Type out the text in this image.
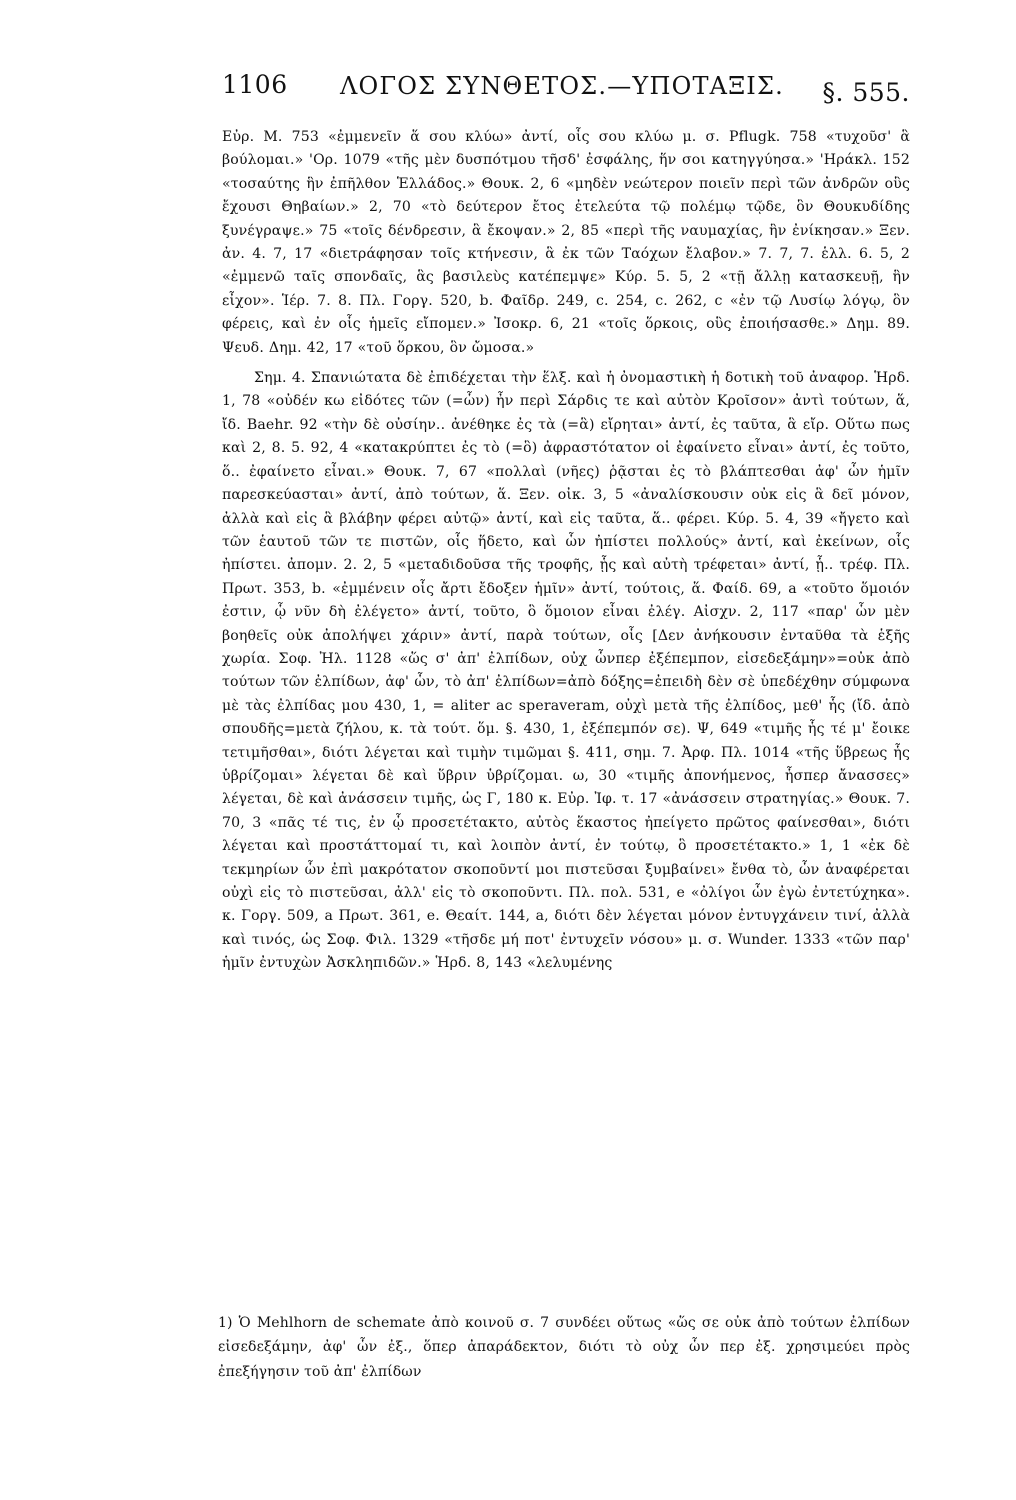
1106 ΛΟΓΟΣ ΣΥΝΘΕΤΟΣ.—ΥΠΟΤΑΞΙΣ. §. 555.

Εὐρ. Μ. 753 «ἐμμενεῖν ἅ σου κλύω» ἀντί, οἷς σου κλύω μ. σ. Pflugk. 758 «τυχοῦσ' ἃ βούλομαι.» 'Ορ. 1079 «τῆς μὲν δυσπότμου τῆσδ' ἐσφάλης, ἥν σοι κατηγγύησα.» 'Ηράκλ. 152 «τοσαύτης ἣν ἐπῆλθον Ἑλλάδος.» Θουκ. 2, 6 «μηδὲν νεώτερον ποιεῖν περὶ τῶν ἀνδρῶν οὓς ἔχουσι Θηβαίων.» 2, 70 «τὸ δεύτερον ἔτος ἐτελεύτα τῷ πολέμῳ τῷδε, ὃν Θουκυδίδης ξυνέγραψε.» 75 «τοῖς δένδρεσιν, ἃ ἔκοψαν.» 2, 85 «περὶ τῆς ναυμαχίας, ἣν ἐνίκησαν.» Ξεν. ἀν. 4. 7, 17 «διετράφησαν τοῖς κτήνεσιν, ἃ ἐκ τῶν Ταόχων ἔλαβον.» 7. 7, 7. ἑλλ. 6. 5, 2 «ἐμμενῶ ταῖς σπονδαῖς, ἃς βασιλεὺς κατέπεμψε» Κύρ. 5. 5, 2 «τῇ ἄλλῃ κατασκευῇ, ἣν εἶχον». Ἱέρ. 7. 8. Πλ. Γοργ. 520, b. Φαῖδρ. 249, c. 254, c. 262, c «ἐν τῷ Λυσίῳ λόγῳ, ὃν φέρεις, καὶ ἐν οἷς ἡμεῖς εἴπομεν.» Ἰσοκρ. 6, 21 «τοῖς ὅρκοις, οὓς ἐποιήσασθε.» Δημ. 89. Ψευδ. Δημ. 42, 17 «τοῦ ὅρκου, ὃν ὤμοσα.»

Σημ. 4. Σπανιώτατα δὲ ἐπιδέχεται τὴν ἕλξ. καὶ ἡ ὀνομαστικὴ ἡ δοτικὴ τοῦ ἀναφορ. Ἡρδ. 1, 78 «οὐδέν κω εἰδότες τῶν (=ὧν) ἦν περὶ Σάρδις τε καὶ αὐτὸν Κροῖσον» ἀντὶ τούτων, ἅ, ἴδ. Baehr. 92 «τὴν δὲ οὐσίην.. ἀνέθηκε ἐς τὰ (=ἃ) εἴρηται» ἀντί, ἐς ταῦτα, ἃ εἴρ. Οὕτω πως καὶ 2, 8. 5. 92, 4 «κατακρύπτει ἐς τὸ (=ὃ) ἀφραστότατον οἱ ἐφαίνετο εἶναι» ἀντί, ἐς τοῦτο, ὅ.. ἐφαίνετο εἶναι.» Θουκ. 7, 67 «πολλαὶ (νῆες) ῥᾷσται ἐς τὸ βλάπτεσθαι ἀφ' ὧν ἡμῖν παρεσκεύασται» ἀντί, ἀπὸ τούτων, ἅ. Ξεν. οἰκ. 3, 5 «ἀναλίσκουσιν οὐκ εἰς ἃ δεῖ μόνον, ἀλλὰ καὶ εἰς ἃ βλάβην φέρει αὐτῷ» ἀντί, καὶ εἰς ταῦτα, ἅ.. φέρει. Κύρ. 5. 4, 39 «ἤγετο καὶ τῶν ἑαυτοῦ τῶν τε πιστῶν, οἷς ἥδετο, καὶ ὧν ἠπίστει πολλούς» ἀντί, καὶ ἐκείνων, οἷς ἠπίστει. ἀπομν. 2. 2, 5 «μεταδιδοῦσα τῆς τροφῆς, ᾗς καὶ αὐτὴ τρέφεται» ἀντί, ᾗ.. τρέφ. Πλ. Πρωτ. 353, b. «ἐμμένειν οἷς ἄρτι ἔδοξεν ἡμῖν» ἀντί, τούτοις, ἅ. Φαίδ. 69, a «τοῦτο ὅμοιόν ἐστιν, ᾧ νῦν δὴ ἐλέγετο» ἀντί, τοῦτο, ὃ ὅμοιον εἶναι ἐλέγ. Αἰσχν. 2, 117 «παρ' ὧν μὲν βοηθεῖς οὐκ ἀπολήψει χάριν» ἀντί, παρὰ τούτων, οἷς [Δεν ἀνήκουσιν ἐνταῦθα τὰ ἑξῆς χωρία. Σοφ. Ἠλ. 1128 «ὥς σ' ἀπ' ἐλπίδων, οὐχ ὧνπερ ἐξέπεμπον, εἰσεδεξάμην»=οὐκ ἀπὸ τούτων τῶν ἐλπίδων, ἀφ' ὧν, τὸ ἀπ' ἐλπίδων=ἀπὸ δόξης=ἐπειδὴ δὲν σὲ ὑπεδέχθην σύμφωνα μὲ τὰς ἐλπίδας μου 430, 1, = aliter ac speraveram, οὐχὶ μετὰ τῆς ἐλπίδος, μεθ' ἧς (ἴδ. ἀπὸ σπουδῆς=μετὰ ζήλου, κ. τὰ τούτ. ὅμ. §. 430, 1, ἐξέπεμπόν σε). Ψ, 649 «τιμῆς ἧς τέ μ' ἔοικε τετιμῆσθαι», διότι λέγεται καὶ τιμὴν τιμῶμαι §. 411, σημ. 7. Ἀρφ. Πλ. 1014 «τῆς ὕβρεως ἧς ὑβρίζομαι» λέγεται δὲ καὶ ὕβριν ὑβρίζομαι. ω, 30 «τιμῆς ἀπονήμενος, ἧσπερ ἄνασσες» λέγεται, δὲ καὶ ἀνάσσειν τιμῆς, ὡς Γ, 180 κ. Εὐρ. Ἰφ. τ. 17 «ἀνάσσειν στρατηγίας.» Θουκ. 7. 70, 3 «πᾶς τέ τις, ἐν ᾧ προσετέτακτο, αὐτὸς ἕκαστος ἠπείγετο πρῶτος φαίνεσθαι», διότι λέγεται καὶ προστάττομαί τι, καὶ λοιπὸν ἀντί, ἐν τούτῳ, ὃ προσετέτακτο.» 1, 1 «ἐκ δὲ τεκμηρίων ὧν ἐπὶ μακρότατον σκοποῦντί μοι πιστεῦσαι ξυμβαίνει» ἔνθα τὸ, ὧν ἀναφέρεται οὐχὶ εἰς τὸ πιστεῦσαι, ἀλλ' εἰς τὸ σκοποῦντι. Πλ. πολ. 531, e «ὀλίγοι ὧν ἐγὼ ἐντετύχηκα». κ. Γοργ. 509, a Πρωτ. 361, e. Θεαίτ. 144, a, διότι δὲν λέγεται μόνον ἐντυγχάνειν τινί, ἀλλὰ καὶ τινός, ὡς Σοφ. Φιλ. 1329 «τῆσδε μή ποτ' ἐντυχεῖν νόσου» μ. σ. Wunder. 1333 «τῶν παρ' ἡμῖν ἐντυχὼν Ἀσκληπιδῶν.» Ἡρδ. 8, 143 «λελυμένης

1) Ὁ Mehlhorn de schemate ἀπὸ κοινοῦ σ. 7 συνδέει οὕτως «ὥς σε οὐκ ἀπὸ τούτων ἐλπίδων εἰσεδεξάμην, ἀφ' ὧν ἐξ., ὅπερ ἀπαράδεκτον, διότι τὸ οὐχ ὧν περ ἐξ. χρησιμεύει πρὸς ἐπεξήγησιν τοῦ ἀπ' ἐλπίδων
